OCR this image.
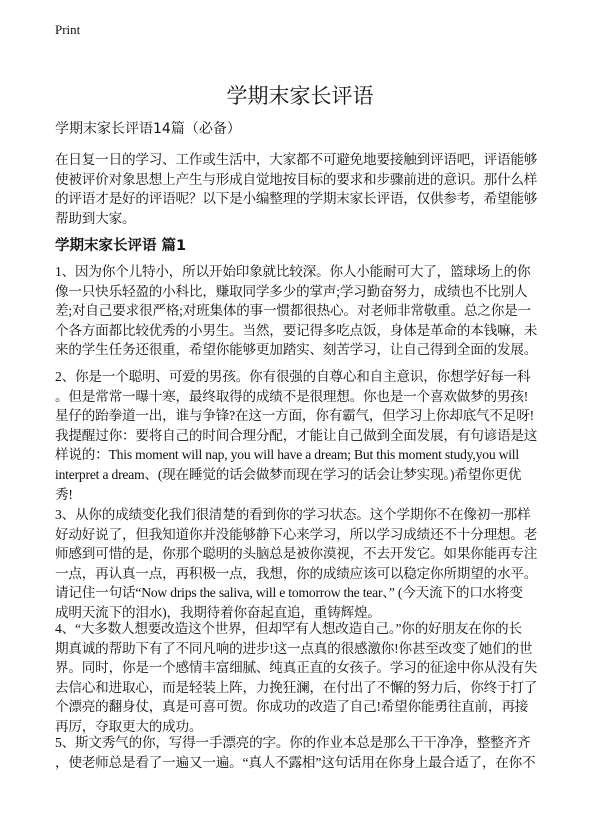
Print
学期末家长评语
学期末家长评语14篇（必备）
在日复一日的学习、工作或生活中，大家都不可避免地要接触到评语吧，评语能够
使被评价对象思想上产生与形成自觉地按目标的要求和步骤前进的意识。那什么样
的评语才是好的评语呢？以下是小编整理的学期末家长评语，仅供参考，希望能够
帮助到大家。
学期末家长评语 篇1
1、因为你个儿特小，所以开始印象就比较深。你人小能耐可大了，篮球场上的你
像一只快乐轻盈的小科比，赚取同学多少的掌声;学习勤奋努力，成绩也不比别人
差;对自己要求很严格;对班集体的事一惯都很热心。对老师非常敬重。总之你是一
个各方面都比较优秀的小男生。当然，要记得多吃点饭，身体是革命的本钱嘛，未
来的学生任务还很重，希望你能够更加踏实、刻苦学习，让自己得到全面的发展。
2、你是一个聪明、可爱的男孩。你有很强的自尊心和自主意识，你想学好每一科
。但是常常一曝十寒，最终取得的成绩不是很理想。你也是一个喜欢做梦的男孩!
星仔的跆拳道一出，谁与争锋?在这一方面，你有霸气，但学习上你却底气不足呀!
我提醒过你：要将自己的时间合理分配，才能让自己做到全面发展，有句谚语是这
样说的：This moment will nap, you will have a dream; But this moment study,you will
interpret a dream、(现在睡觉的话会做梦而现在学习的话会让梦实现。)希望你更优
秀!
3、从你的成绩变化我们很清楚的看到你的学习状态。这个学期你不在像初一那样
好动好说了，但我知道你并没能够静下心来学习，所以学习成绩还不十分理想。老
师感到可惜的是，你那个聪明的头脑总是被你漠视，不去开发它。如果你能再专注
一点，再认真一点，再积极一点，我想，你的成绩应该可以稳定你所期望的水平。
请记住一句话“Now drips the saliva, will e tomorrow the tear、” (今天流下的口水将变
成明天流下的泪水)，我期待着你奋起直追，重铸辉煌。
4、“大多数人想要改造这个世界，但却罕有人想改造自己。”你的好朋友在你的长
期真诚的帮助下有了不同凡响的进步!这一点真的很感激你!你甚至改变了她们的世
界。同时，你是一个感情丰富细腻、纯真正直的女孩子。学习的征途中你从没有失
去信心和进取心，而是轻装上阵，力挽狂澜，在付出了不懈的努力后，你终于打了
个漂亮的翻身仗，真是可喜可贺。你成功的改造了自己!希望你能勇往直前，再接
再厉，夺取更大的成功。
5、斯文秀气的你，写得一手漂亮的字。你的作业本总是那么干干净净，整整齐齐
，使老师总是看了一遍又一遍。“真人不露相”这句话用在你身上最合适了，在你不
